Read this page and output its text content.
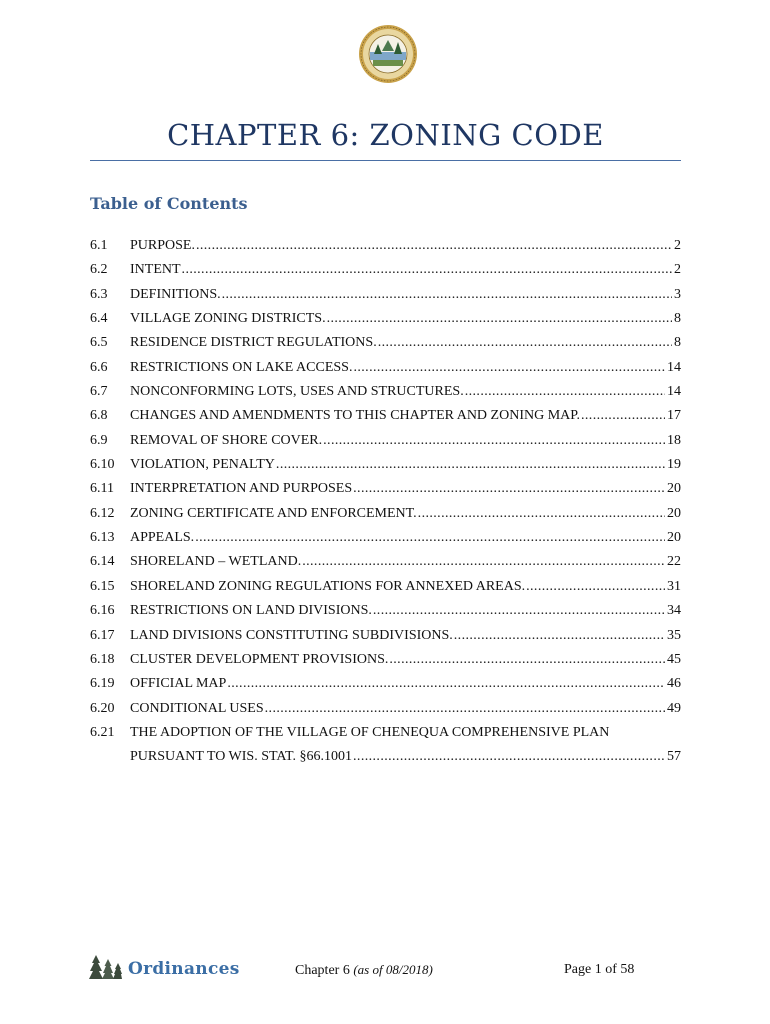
CHAPTER 6: ZONING CODE
Table of Contents
6.1	PURPOSE. .....	2
6.2	INTENT .....	2
6.3	DEFINITIONS. .....	3
6.4	VILLAGE ZONING DISTRICTS. .....	8
6.5	RESIDENCE DISTRICT REGULATIONS. .....	8
6.6	RESTRICTIONS ON LAKE ACCESS. .....	14
6.7	NONCONFORMING LOTS, USES AND STRUCTURES. .....	14
6.8	CHANGES AND AMENDMENTS TO THIS CHAPTER AND ZONING MAP. .....	17
6.9	REMOVAL OF SHORE COVER. .....	18
6.10	VIOLATION, PENALTY .....	19
6.11	INTERPRETATION AND PURPOSES .....	20
6.12	ZONING CERTIFICATE AND ENFORCEMENT. .....	20
6.13	APPEALS. .....	20
6.14	SHORELAND – WETLAND. .....	22
6.15	SHORELAND ZONING REGULATIONS FOR ANNEXED AREAS. .....	31
6.16	RESTRICTIONS ON LAND DIVISIONS. .....	34
6.17	LAND DIVISIONS CONSTITUTING SUBDIVISIONS. .....	35
6.18	CLUSTER DEVELOPMENT PROVISIONS. .....	45
6.19	OFFICIAL MAP .....	46
6.20	CONDITIONAL USES .....	49
6.21	THE ADOPTION OF THE VILLAGE OF CHENEQUA COMPREHENSIVE PLAN
PURSUANT TO WIS. STAT. §66.1001 .....	57
Ordinances	Chapter 6 (as of 08/2018)	Page 1 of 58
